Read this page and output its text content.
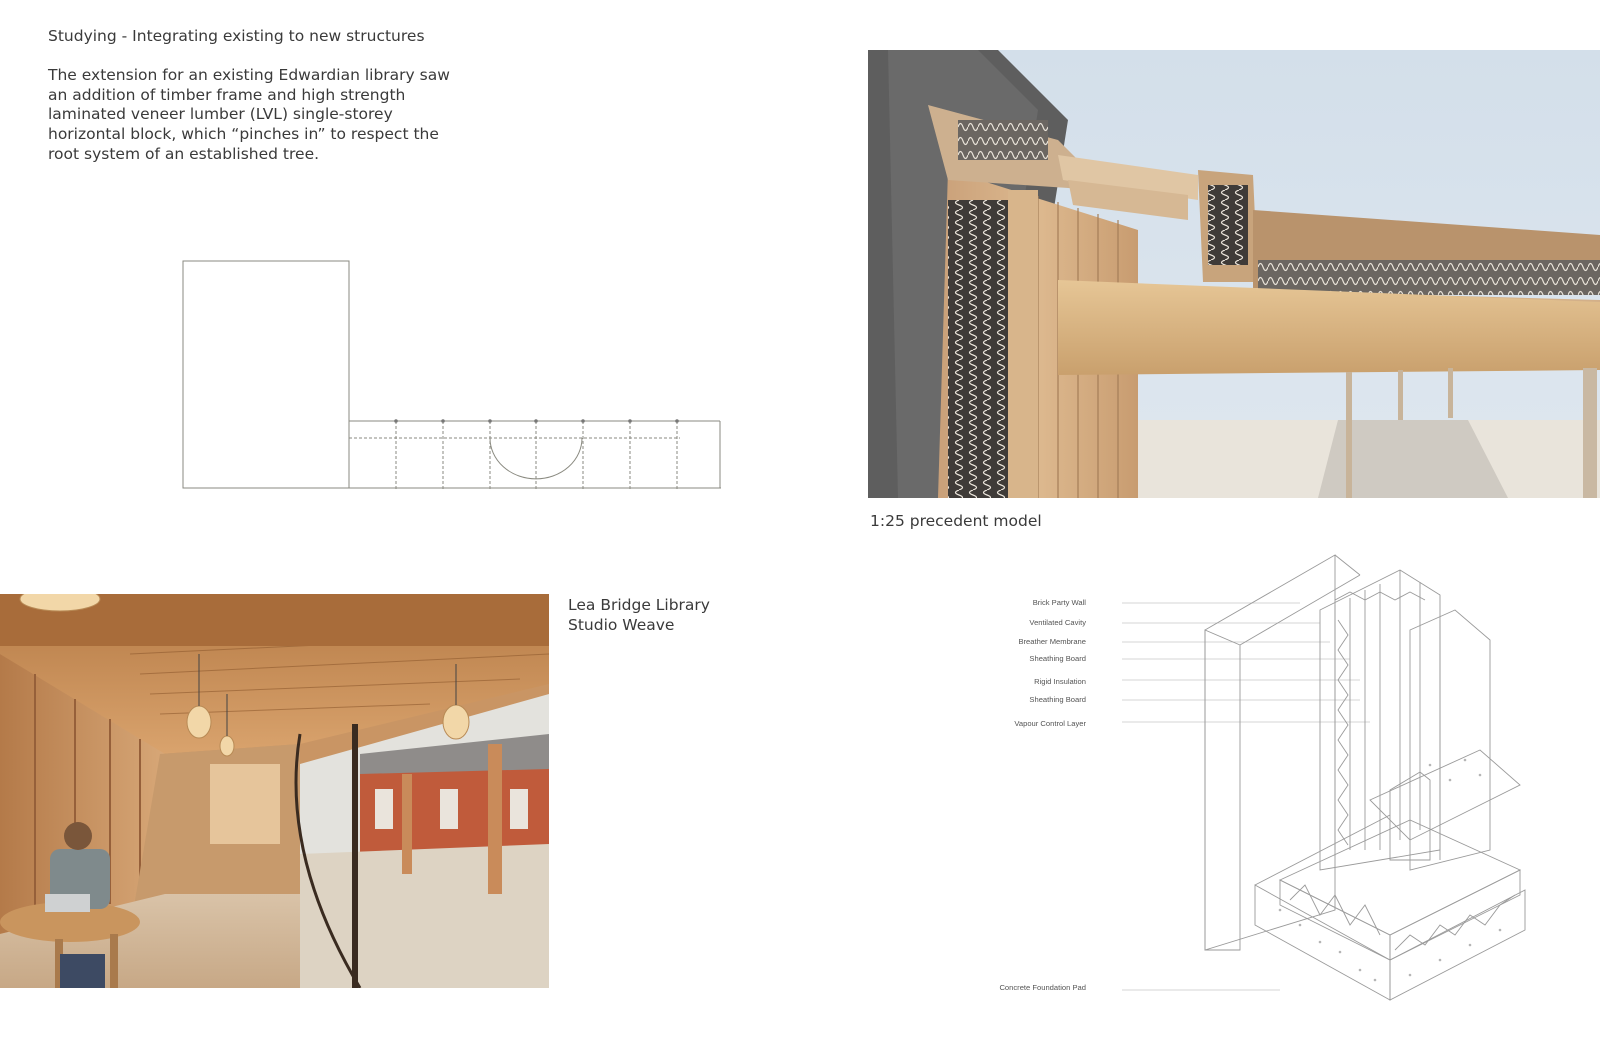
Studying - Integrating existing to new structures
The extension for an existing Edwardian library saw an addition of timber frame and high strength laminated veneer lumber (LVL) single-storey horizontal block, which “pinches in” to respect the root system of an established tree.
1:25 precedent model
Lea Bridge Library
Studio Weave
Brick Party Wall
Ventilated Cavity
Breather Membrane
Sheathing Board
Rigid Insulation
Sheathing Board
Vapour Control Layer
Concrete Foundation Pad
